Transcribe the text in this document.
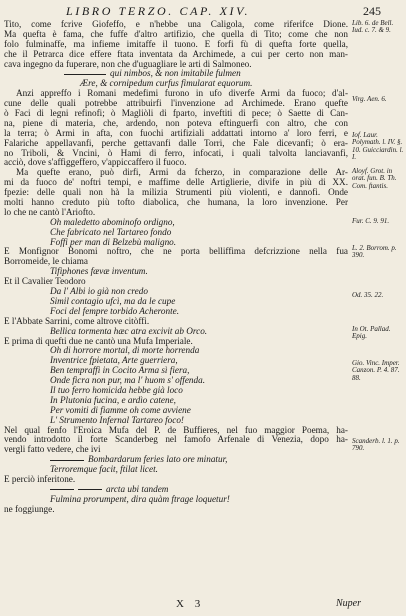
LIBRO TERZO. CAP. XIV.	245
Tito, come fcrive Giofeffo, e n'hebbe una Caligola, come riferifce Dione.
Ma quefta è fama, che fuffe d'altro artifizio, che quella di Tito; come che non
folo fulminaffe, ma infieme imitaffe il tuono. E forfi fù di quefta forte quella,
che il Petrarca dice effere ftata inventata da Archimede, a cui per certo non man-
cava ingegno da fuperare, non che d'uguagliare le arti di Salmoneo.
qui nimbos, & non imitabile fulmen
Ære, & cornipedum curfus fimularat equorum.
Anzi appreffo i Romani medefimi furono in ufo diverfe Armi da fuoco; d'al-
cune delle quali potrebbe attribuirfi l'invenzione ad Archimede. Erano quefte
ò Faci di legni refinofi; ò Magliòli di fparto, inveftiti di pece; ò Saette di Can-
na, piene di materia, che, ardendo, non poteva eftinguerfi con altro, che con
la terra; ò Armi in afta, con fuochi artifiziali addattati intorno a' loro ferri, e
Falariche appellavanfi, perche gettavanfi dalle Torri, che Fale dicevanfi; ò era-
no Triboli, & Vncini, ò Hami di ferro, infocati, i quali talvolta lanciavanfi,
acciò, dove s'affiggeffero, v'appiccaffero il fuoco.
Ma quefte erano, può dirfi, Armi da fcherzo, in comparazione delle Ar-
mi da fuoco de' noftri tempi, e maffime delle Artiglierie, divife in più di XX.
fpezie: delle quali non hà la milizia Strumenti più violenti, e dannofi. Onde
molti hanno creduto più tofto diabolica, che humana, la loro invenzione. Per
lo che ne cantò l'Ariofto.
Oh maledetto abominofo ordigno,
Che fabricato nel Tartareo fondo
Foffi per man di Belzebù maligno.
E Monfignor Bonomi noftro, che ne porta belliffima defcrizzione nella fua
Borromeide, le chiama
Tifiphones fævæ inventum.
Et il Cavalier Teodoro
Da l' Albi io già non credo
Simil contagio ufcì, ma da le cupe
Foci del fempre torbido Acheronte.
E l'Abbate Sarrini, come altrove citòffi.
Bellica tormenta hæc atra excivit ab Orco.
E prima di quefti due ne cantò una Mufa Imperiale.
Oh di horrore mortal, di morte horrenda
Inventrice fpietata, Arte guerriera,
Ben tempraffi in Cocito Arma sì fiera,
Onde ficra non pur, ma l' huom s' offenda.
Il tuo ferro homicida hebbe già loco
In Plutonia fucina, e ardìo catene,
Per vomiti di fiamme oh come avviene
L' Strumento Infernal Tartareo foco!
Nel qual fenfo l'Eroica Mufa del P. de Buffieres, nel fuo maggior Poema, ha-
vendo introdotto il forte Scanderbeg nel famofo Arfenale di Venezia, dopo ha-
vergli fatto vedere, che ivi
Bombardarum feries lato ore minatur,
Terroremque facit, ftilat licet.
E perciò inferitone.
arcta ubi tandem
Fulmina prorumpent, dira quàm ftrage loquetur!
ne foggiunge.
Lib. 6. de Bell. Iud. c. 7. & 9.
Virg. Aen. 6.
Iof. Laur. Polymath. l. IV. §. 10. Guicciardin. l. I.
Aloyf. Grot. in orat. fun. B. Th. Com. ftantis.
Fur. C. 9. 91.
L. 2. Borrom. p. 390.
Od. 35. 22.
In Ot. Pallad. Epig.
Gio. Vinc. Imper. Canzon. P. 4. 87. 88.
Scanderb. l. 1. p. 790.
X 3	Nuper
